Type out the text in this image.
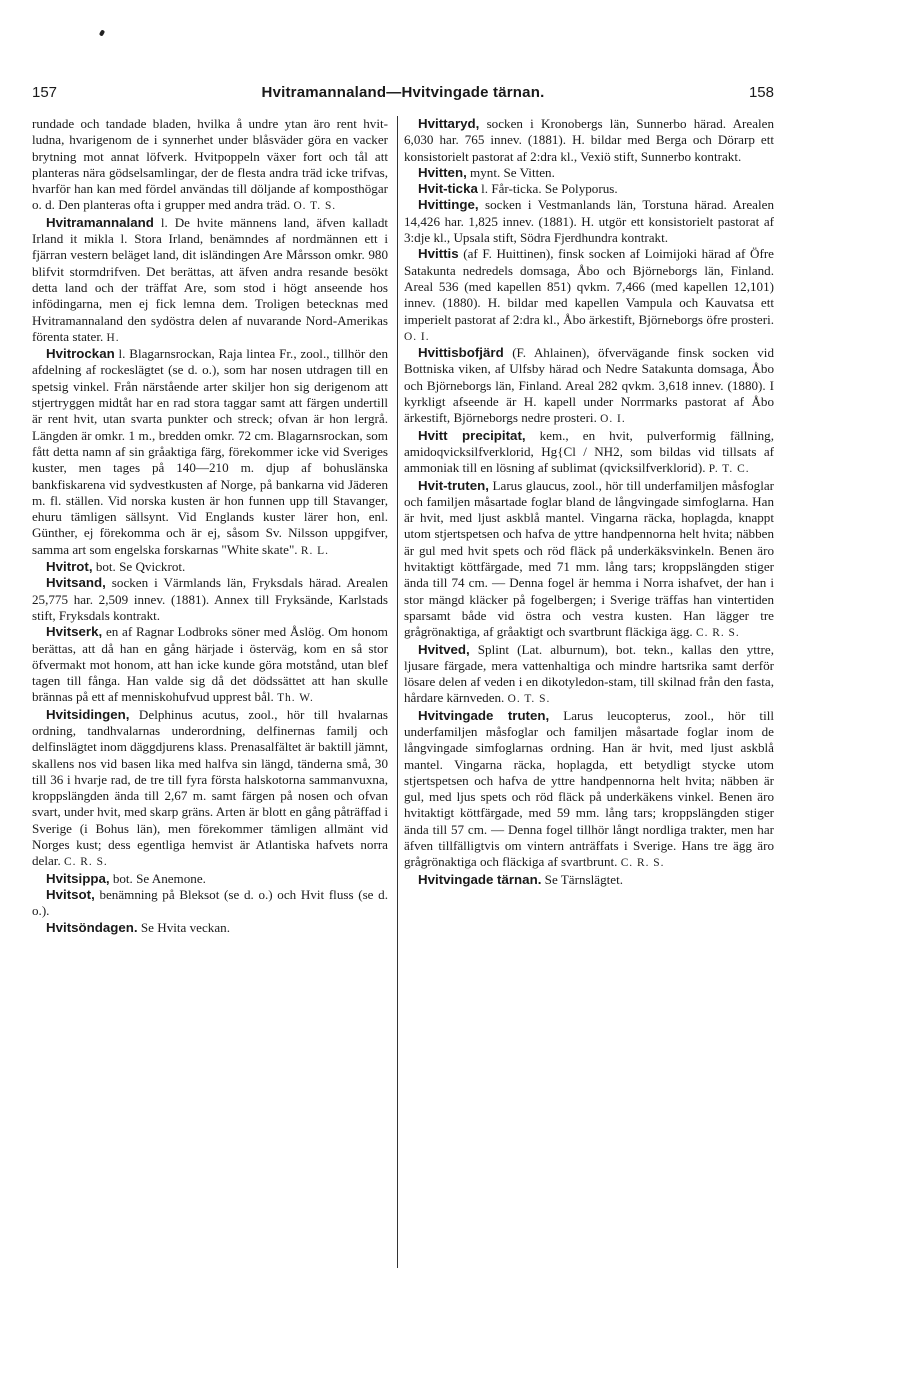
157	Hvitramannaland—Hvitvingade tärnan.	158

rundade och tandade bladen, hvilka å undre ytan äro rent hvit-ludna, hvarigenom de i synnerhet under blåsväder göra en vacker brytning mot annat löfverk. Hvitpoppeln växer fort och tål att planteras nära gödselsamlingar, der de flesta andra träd icke trifvas, hvarför han kan med fördel användas till döljande af komposthögar o. d. Den planteras ofta i grupper med andra träd. O. T. S.

Hvitramannaland l. De hvite männens land, äfven kalladt Irland it mikla l. Stora Irland, benämndes af nordmännen ett i fjärran vestern beläget land, dit isländingen Are Mårsson omkr. 980 blifvit stormdrifven. Det berättas, att äfven andra resande besökt detta land och der träffat Are, som stod i högt anseende hos infödingarna, men ej fick lemna dem. Troligen betecknas med Hvitramannaland den sydöstra delen af nuvarande Nord-Amerikas förenta stater. H.

Hvitrockan l. Blagarnsrockan, Raja lintea Fr., zool., tillhör den afdelning af rockeslägtet (se d. o.), som har nosen utdragen till en spetsig vinkel. Från närstående arter skiljer hon sig derigenom att stjertryggen midtåt har en rad stora taggar samt att färgen undertill är rent hvit, utan svarta punkter och streck; ofvan är hon lergrå. Längden är omkr. 1 m., bredden omkr. 72 cm. Blagarnsrockan, som fått detta namn af sin gråaktiga färg, förekommer icke vid Sveriges kuster, men tages på 140—210 m. djup af bohuslänska bankfiskarena vid sydvestkusten af Norge, på bankarna vid Jäderen m. fl. ställen. Vid norska kusten är hon funnen upp till Stavanger, ehuru tämligen sällsynt. Vid Englands kuster lärer hon, enl. Günther, ej förekomma och är ej, såsom Sv. Nilsson uppgifver, samma art som engelska forskarnas "White skate". R. L.

Hvitrot, bot. Se Qvickrot.

Hvitsand, socken i Värmlands län, Fryksdals härad. Arealen 25,775 har. 2,509 innev. (1881). Annex till Fryksände, Karlstads stift, Fryksdals kontrakt.

Hvitserk, en af Ragnar Lodbroks söner med Åslög. Om honom berättas, att då han en gång härjade i österväg, kom en så stor öfvermakt mot honom, att han icke kunde göra motstånd, utan blef tagen till fånga. Han valde sig då det dödssättet att han skulle brännas på ett af menniskohufvud upprest bål. Th. W.

Hvitsidingen, Delphinus acutus, zool., hör till hvalarnas ordning, tandhvalarnas underordning, delfinernas familj och delfinslägtet inom däggdjurens klass. Prenasalfältet är baktill jämnt, skallens nos vid basen lika med halfva sin längd, tänderna små, 30 till 36 i hvarje rad, de tre till fyra första halskotorna sammanvuxna, kroppslängden ända till 2,67 m. samt färgen på nosen och ofvan svart, under hvit, med skarp gräns. Arten är blott en gång påträffad i Sverige (i Bohus län), men förekommer tämligen allmänt vid Norges kust; dess egentliga hemvist är Atlantiska hafvets norra delar. C. R. S.

Hvitsippa, bot. Se Anemone.

Hvitsot, benämning på Bleksot (se d. o.) och Hvit fluss (se d. o.).

Hvitsöndagen. Se Hvita veckan.

Hvittaryd, socken i Kronobergs län, Sunnerbo härad. Arealen 6,030 har. 765 innev. (1881). H. bildar med Berga och Dörarp ett konsistorielt pastorat af 2:dra kl., Vexiö stift, Sunnerbo kontrakt.

Hvitten, mynt. Se Vitten.

Hvit-ticka l. Får-ticka. Se Polyporus.

Hvittinge, socken i Vestmanlands län, Torstuna härad. Arealen 14,426 har. 1,825 innev. (1881). H. utgör ett konsistorielt pastorat af 3:dje kl., Upsala stift, Södra Fjerdhundra kontrakt.

Hvittis (af F. Huittinen), finsk socken af Loimijoki härad af Öfre Satakunta nedredels domsaga, Åbo och Björneborgs län, Finland. Areal 536 (med kapellen 851) qvkm. 7,466 (med kapellen 12,101) innev. (1880). H. bildar med kapellen Vampula och Kauvatsa ett imperielt pastorat af 2:dra kl., Åbo ärkestift, Björneborgs öfre prosteri. O. I.

Hvittisbofjärd (F. Ahlainen), öfvervägande finsk socken vid Bottniska viken, af Ulfsby härad och Nedre Satakunta domsaga, Åbo och Björneborgs län, Finland. Areal 282 qvkm. 3,618 innev. (1880). I kyrkligt afseende är H. kapell under Norrmarks pastorat af Åbo ärkestift, Björneborgs nedre prosteri. O. I.

Hvitt precipitat, kem., en hvit, pulverformig fällning, amidoqvicksilfverklorid, Hg{Cl / NH2, som bildas vid tillsats af ammoniak till en lösning af sublimat (qvicksilfverklorid). P. T. C.

Hvit-truten, Larus glaucus, zool., hör till underfamiljen måsfoglar och familjen måsartade foglar bland de långvingade simfoglarna. Han är hvit, med ljust askblå mantel. Vingarna räcka, hoplagda, knappt utom stjertspetsen och hafva de yttre handpennorna helt hvita; näbben är gul med hvit spets och röd fläck på underkäksvinkeln. Benen äro hvitaktigt köttfärgade, med 71 mm. lång tars; kroppslängden stiger ända till 74 cm. — Denna fogel är hemma i Norra ishafvet, der han i stor mängd kläcker på fogelbergen; i Sverige träffas han vintertiden sparsamt både vid östra och vestra kusten. Han lägger tre grågrönaktiga, af gråaktigt och svartbrunt fläckiga ägg. C. R. S.

Hvitved, Splint (Lat. alburnum), bot. tekn., kallas den yttre, ljusare färgade, mera vattenhaltiga och mindre hartsrika samt derför lösare delen af veden i en dikotyledon-stam, till skilnad från den fasta, hårdare kärnveden. O. T. S.

Hvitvingade truten, Larus leucopterus, zool., hör till underfamiljen måsfoglar och familjen måsartade foglar inom de långvingade simfoglarnas ordning. Han är hvit, med ljust askblå mantel. Vingarna räcka, hoplagda, ett betydligt stycke utom stjertspetsen och hafva de yttre handpennorna helt hvita; näbben är gul, med ljus spets och röd fläck på underkäkens vinkel. Benen äro hvitaktigt köttfärgade, med 59 mm. lång tars; kroppslängden stiger ända till 57 cm. — Denna fogel tillhör långt nordliga trakter, men har äfven tillfälligtvis om vintern anträffats i Sverige. Hans tre ägg äro grågrönaktiga och fläckiga af svartbrunt. C. R. S.

Hvitvingade tärnan. Se Tärnslägtet.
